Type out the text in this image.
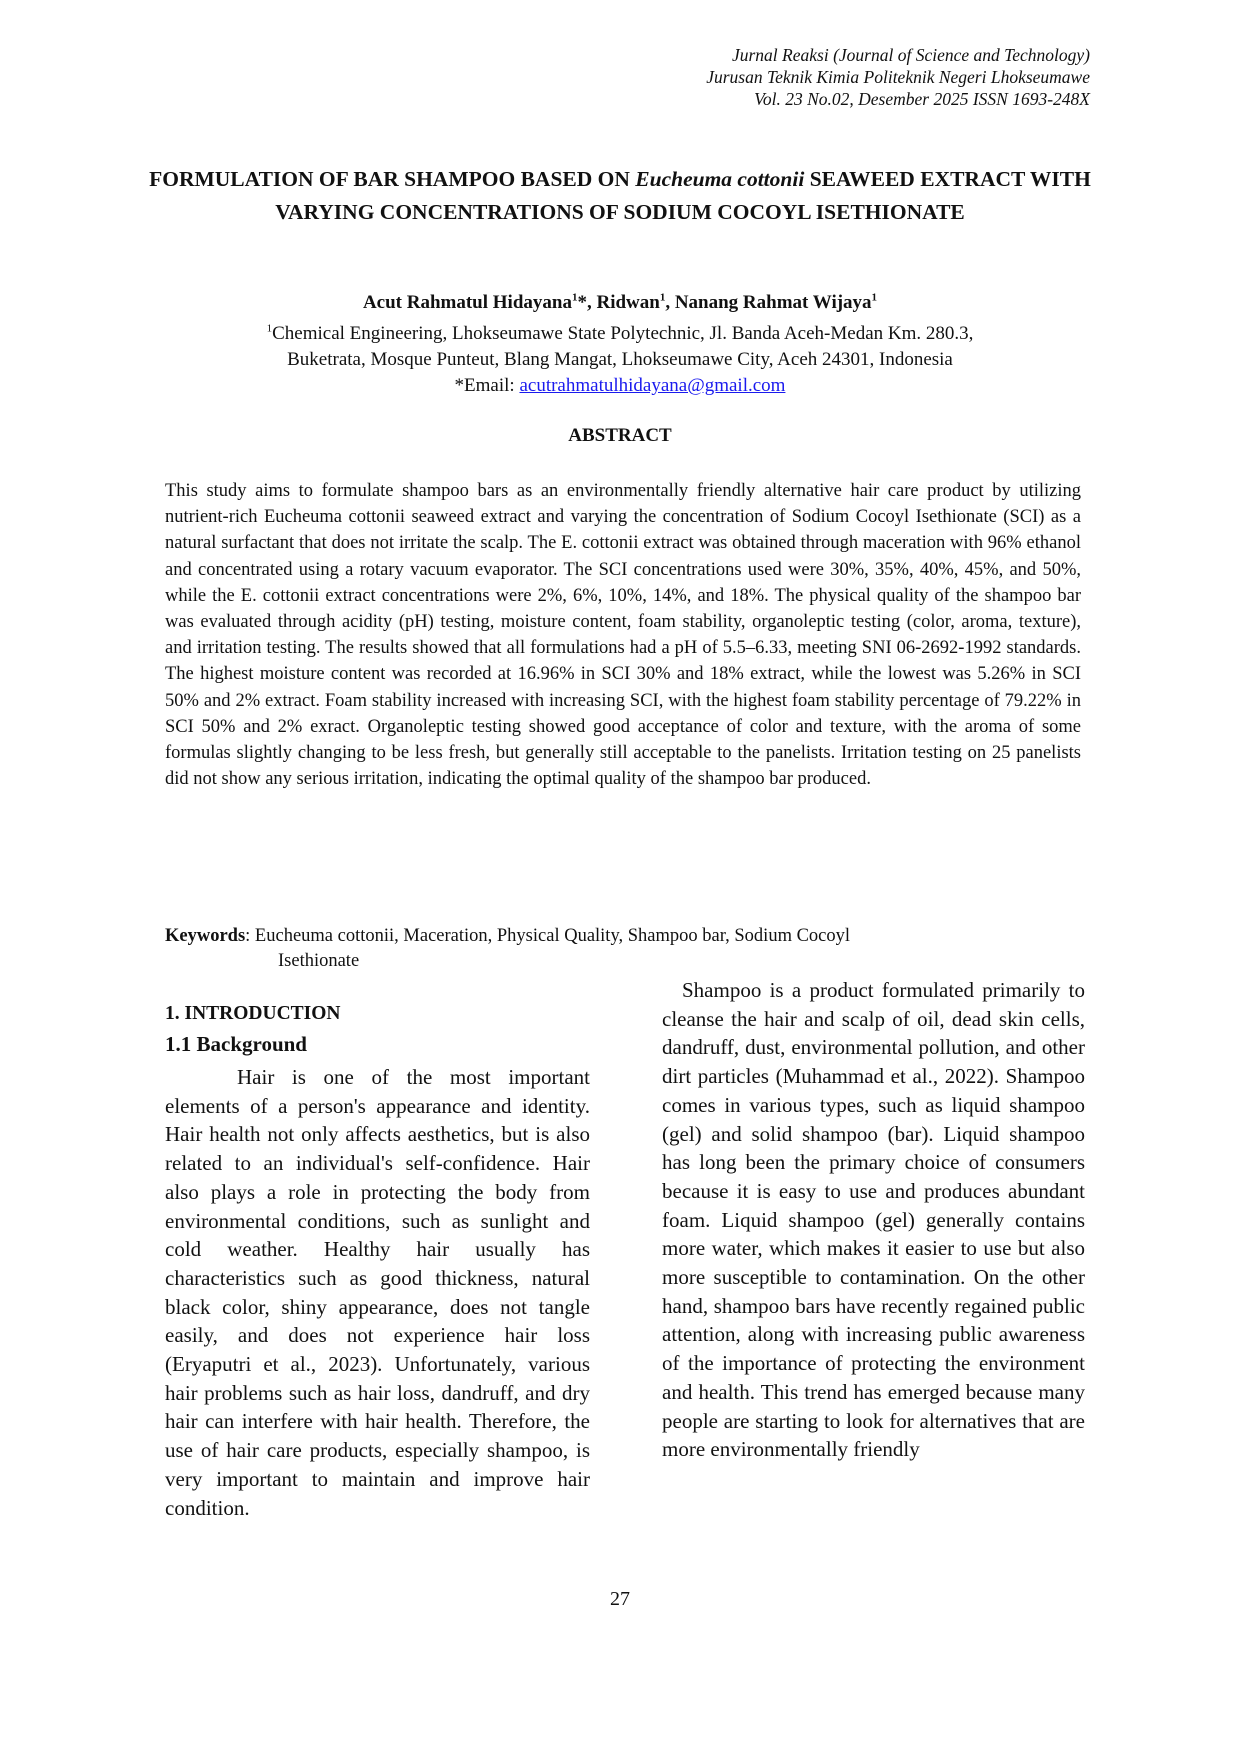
Jurnal Reaksi (Journal of Science and Technology)
Jurusan Teknik Kimia Politeknik Negeri Lhokseumawe
Vol. 23 No.02, Desember 2025 ISSN 1693-248X
FORMULATION OF BAR SHAMPOO BASED ON Eucheuma cottonii SEAWEED EXTRACT WITH VARYING CONCENTRATIONS OF SODIUM COCOYL ISETHIONATE
Acut Rahmatul Hidayana$^1$*, Ridwan$^1$, Nanang Rahmat Wijaya$^1$
$^1$Chemical Engineering, Lhokseumawe State Polytechnic, Jl. Banda Aceh-Medan Km. 280.3,
Buketrata, Mosque Punteut, Blang Mangat, Lhokseumawe City, Aceh 24301, Indonesia
*Email: acutrahmatulhidayana@gmail.com
ABSTRACT
This study aims to formulate shampoo bars as an environmentally friendly alternative hair care product by utilizing nutrient-rich Eucheuma cottonii seaweed extract and varying the concentration of Sodium Cocoyl Isethionate (SCI) as a natural surfactant that does not irritate the scalp. The E. cottonii extract was obtained through maceration with 96% ethanol and concentrated using a rotary vacuum evaporator. The SCI concentrations used were 30%, 35%, 40%, 45%, and 50%, while the E. cottonii extract concentrations were 2%, 6%, 10%, 14%, and 18%. The physical quality of the shampoo bar was evaluated through acidity (pH) testing, moisture content, foam stability, organoleptic testing (color, aroma, texture), and irritation testing. The results showed that all formulations had a pH of 5.5–6.33, meeting SNI 06-2692-1992 standards. The highest moisture content was recorded at 16.96% in SCI 30% and 18% extract, while the lowest was 5.26% in SCI 50% and 2% extract. Foam stability increased with increasing SCI, with the highest foam stability percentage of 79.22% in SCI 50% and 2% exract. Organoleptic testing showed good acceptance of color and texture, with the aroma of some formulas slightly changing to be less fresh, but generally still acceptable to the panelists. Irritation testing on 25 panelists did not show any serious irritation, indicating the optimal quality of the shampoo bar produced.
Keywords: Eucheuma cottonii, Maceration, Physical Quality, Shampoo bar, Sodium Cocoyl
Isethionate
1. INTRODUCTION
1.1 Background
Hair is one of the most important elements of a person's appearance and identity. Hair health not only affects aesthetics, but is also related to an individual's self-confidence. Hair also plays a role in protecting the body from environmental conditions, such as sunlight and cold weather. Healthy hair usually has characteristics such as good thickness, natural black color, shiny appearance, does not tangle easily, and does not experience hair loss (Eryaputri et al., 2023). Unfortunately, various hair problems such as hair loss, dandruff, and dry hair can interfere with hair health. Therefore, the use of hair care products, especially shampoo, is very important to maintain and improve hair condition.
Shampoo is a product formulated primarily to cleanse the hair and scalp of oil, dead skin cells, dandruff, dust, environmental pollution, and other dirt particles (Muhammad et al., 2022). Shampoo comes in various types, such as liquid shampoo (gel) and solid shampoo (bar). Liquid shampoo has long been the primary choice of consumers because it is easy to use and produces abundant foam. Liquid shampoo (gel) generally contains more water, which makes it easier to use but also more susceptible to contamination. On the other hand, shampoo bars have recently regained public attention, along with increasing public awareness of the importance of protecting the environment and health. This trend has emerged because many people are starting to look for alternatives that are more environmentally friendly
27
